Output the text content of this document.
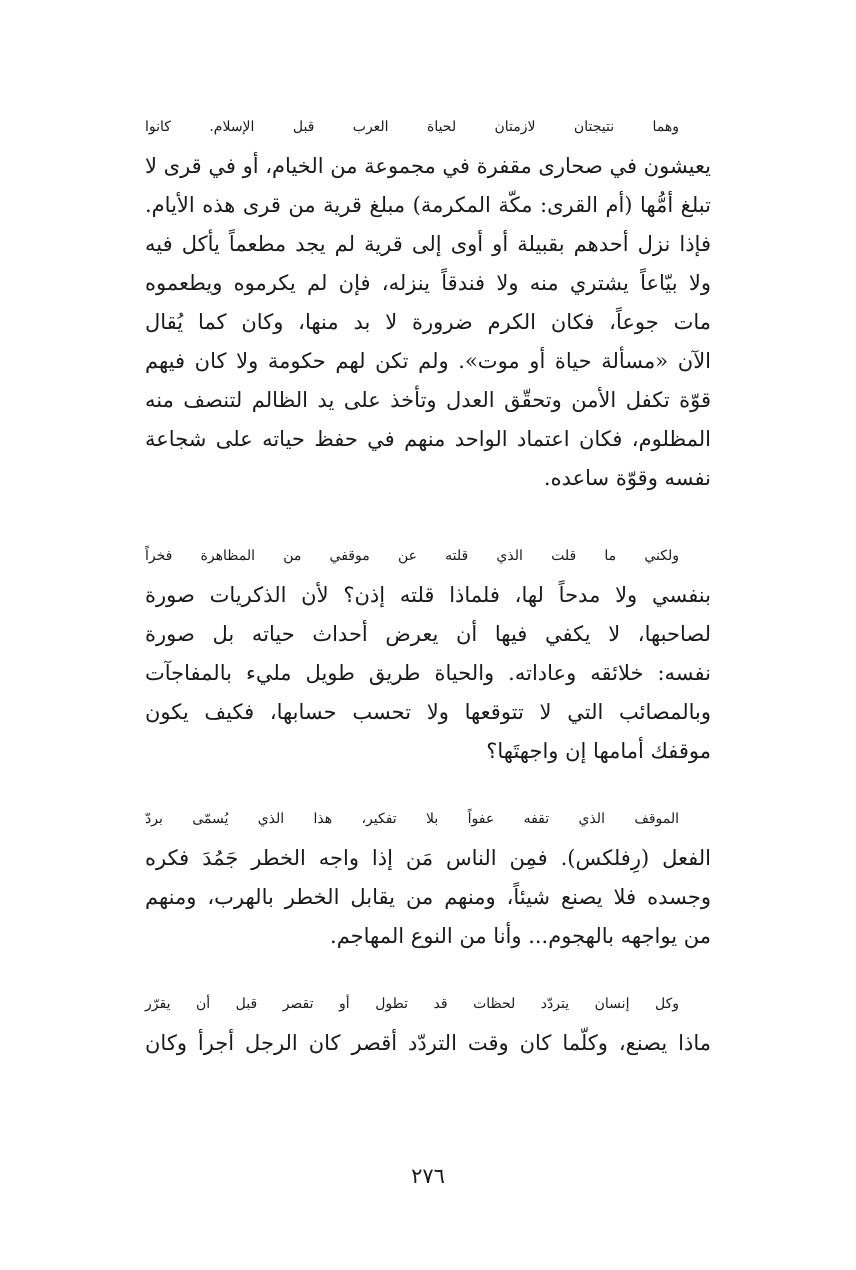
وهما نتيجتان لازمتان لحياة العرب قبل الإسلام. كانوا
يعيشون في صحارى مقفرة في مجموعة من الخيام، أو في قرى لا
تبلغ أمُّها (أم القرى: مكّة المكرمة) مبلغ قرية من قرى هذه الأيام.
فإذا نزل أحدهم بقبيلة أو أوى إلى قرية لم يجد مطعماً يأكل فيه
ولا بيّاعاً يشتري منه ولا فندقاً ينزله، فإن لم يكرموه ويطعموه
مات جوعاً، فكان الكرم ضرورة لا بد منها، وكان كما يُقال
الآن «مسألة حياة أو موت». ولم تكن لهم حكومة ولا كان فيهم
قوّة تكفل الأمن وتحقّق العدل وتأخذ على يد الظالم لتنصف منه
المظلوم، فكان اعتماد الواحد منهم في حفظ حياته على شجاعة
نفسه وقوّة ساعده.

ولكني ما قلت الذي قلته عن موقفي من المظاهرة فخراً
بنفسي ولا مدحاً لها، فلماذا قلته إذن؟ لأن الذكريات صورة
لصاحبها، لا يكفي فيها أن يعرض أحداث حياته بل صورة
نفسه: خلائقه وعاداته. والحياة طريق طويل مليء بالمفاجآت
وبالمصائب التي لا تتوقعها ولا تحسب حسابها، فكيف يكون
موقفك أمامها إن واجهتَها؟

الموقف الذي تقفه عفواً بلا تفكير، هذا الذي يُسمّى بردّ
الفعل (رِفلكس). فمِن الناس مَن إذا واجه الخطر جَمُدَ فكره
وجسده فلا يصنع شيئاً، ومنهم من يقابل الخطر بالهرب، ومنهم
من يواجهه بالهجوم... وأنا من النوع المهاجم.

وكل إنسان يتردّد لحظات قد تطول أو تقصر قبل أن يقرّر
ماذا يصنع، وكلّما كان وقت التردّد أقصر كان الرجل أجرأ وكان

٢٧٦
